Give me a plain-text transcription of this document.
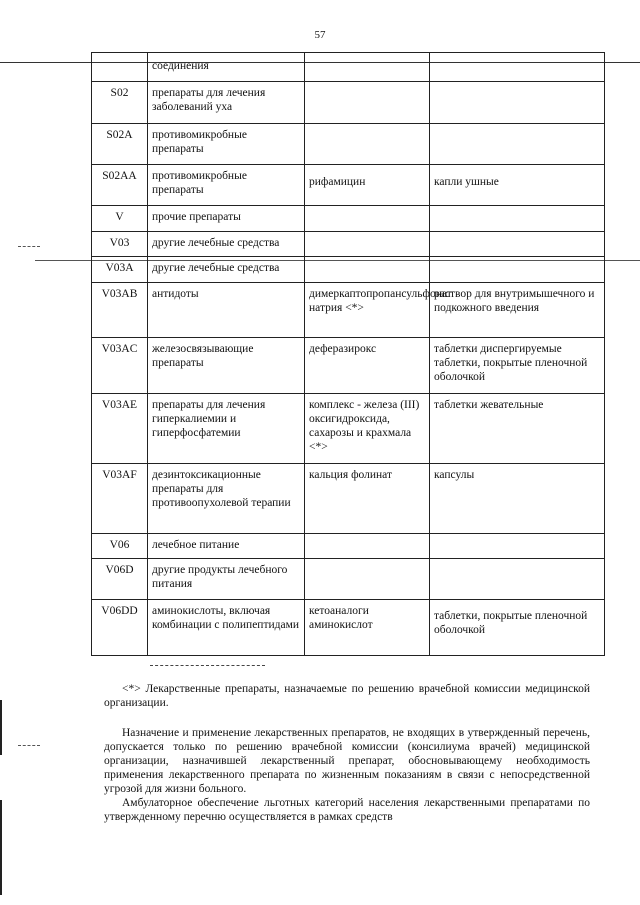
57
	соединения		
S02	препараты для лечения заболеваний уха		
S02A	противомикробные препараты		
S02AA	противомикробные препараты	рифамицин	капли ушные
V	прочие препараты		
V03	другие лечебные средства		
V03A	другие лечебные средства		
V03AB	антидоты	димеркаптопропансульфонат натрия <*>	раствор для внутримышечного и подкожного введения
V03AC	железосвязывающие препараты	деферазирокс	таблетки диспергируемые таблетки, покрытые пленочной оболочкой
V03AE	препараты для лечения гиперкалиемии и гиперфосфатемии	комплекс - железа (III) оксигидроксида, сахарозы и крахмала <*>	таблетки жевательные
V03AF	дезинтоксикационные препараты для противоопухолевой терапии	кальция фолинат	капсулы
V06	лечебное питание		
V06D	другие продукты лечебного питания		
V06DD	аминокислоты, включая комбинации с полипептидами	кетоаналоги аминокислот	таблетки, покрытые пленочной оболочкой

<*> Лекарственные препараты, назначаемые по решению врачебной комиссии медицинской организации.

Назначение и применение лекарственных препаратов, не входящих в утвержденный перечень, допускается только по решению врачебной комиссии (консилиума врачей) медицинской организации, назначившей лекарственный препарат, обосновывающему необходимость применения лекарственного препарата по жизненным показаниям в связи с непосредственной угрозой для жизни больного.

Амбулаторное обеспечение льготных категорий населения лекарственными препаратами по утвержденному перечню осуществляется в рамках средств
